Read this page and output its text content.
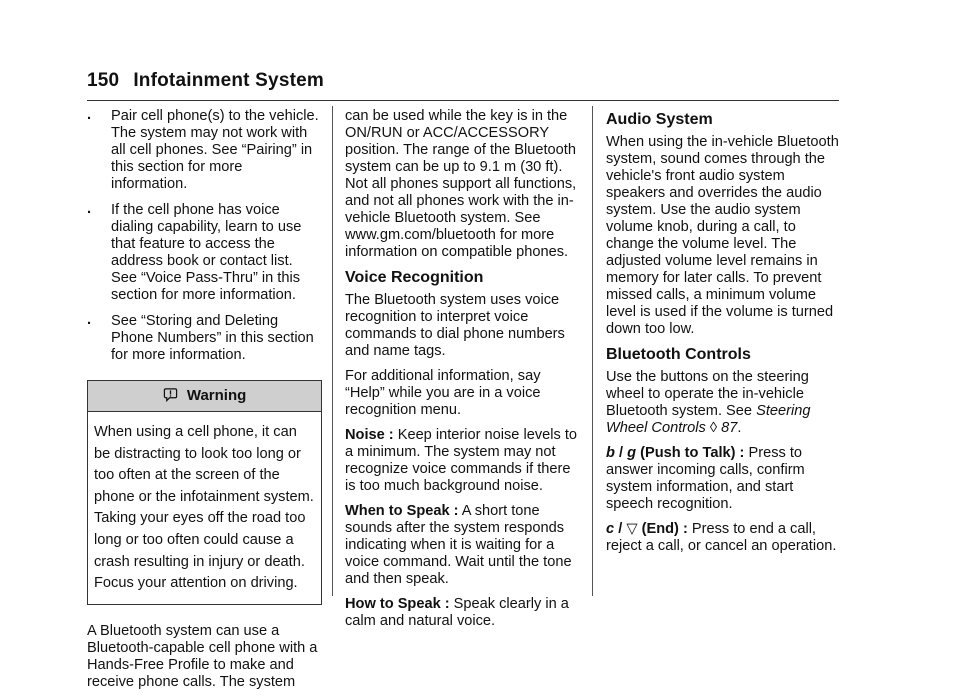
150 Infotainment System
. Pair cell phone(s) to the vehicle. The system may not work with all cell phones. See “Pairing” in this section for more information.
. If the cell phone has voice dialing capability, learn to use that feature to access the address book or contact list. See “Voice Pass-Thru” in this section for more information.
. See “Storing and Deleting Phone Numbers” in this section for more information.
Warning
When using a cell phone, it can be distracting to look too long or too often at the screen of the phone or the infotainment system. Taking your eyes off the road too long or too often could cause a crash resulting in injury or death. Focus your attention on driving.

A Bluetooth system can use a Bluetooth-capable cell phone with a Hands-Free Profile to make and receive phone calls. The system

can be used while the key is in the ON/RUN or ACC/ACCESSORY position. The range of the Bluetooth system can be up to 9.1 m (30 ft). Not all phones support all functions, and not all phones work with the in-vehicle Bluetooth system. See www.gm.com/bluetooth for more information on compatible phones.

Voice Recognition

The Bluetooth system uses voice recognition to interpret voice commands to dial phone numbers and name tags.

For additional information, say “Help” while you are in a voice recognition menu.

Noise : Keep interior noise levels to a minimum. The system may not recognize voice commands if there is too much background noise.

When to Speak : A short tone sounds after the system responds indicating when it is waiting for a voice command. Wait until the tone and then speak.

How to Speak : Speak clearly in a calm and natural voice.

Audio System

When using the in-vehicle Bluetooth system, sound comes through the vehicle's front audio system speakers and overrides the audio system. Use the audio system volume knob, during a call, to change the volume level. The adjusted volume level remains in memory for later calls. To prevent missed calls, a minimum volume level is used if the volume is turned down too low.

Bluetooth Controls

Use the buttons on the steering wheel to operate the in-vehicle Bluetooth system. See Steering Wheel Controls ◊ 87.

b / g (Push to Talk) : Press to answer incoming calls, confirm system information, and start speech recognition.

c / ▽ (End) : Press to end a call, reject a call, or cancel an operation.
